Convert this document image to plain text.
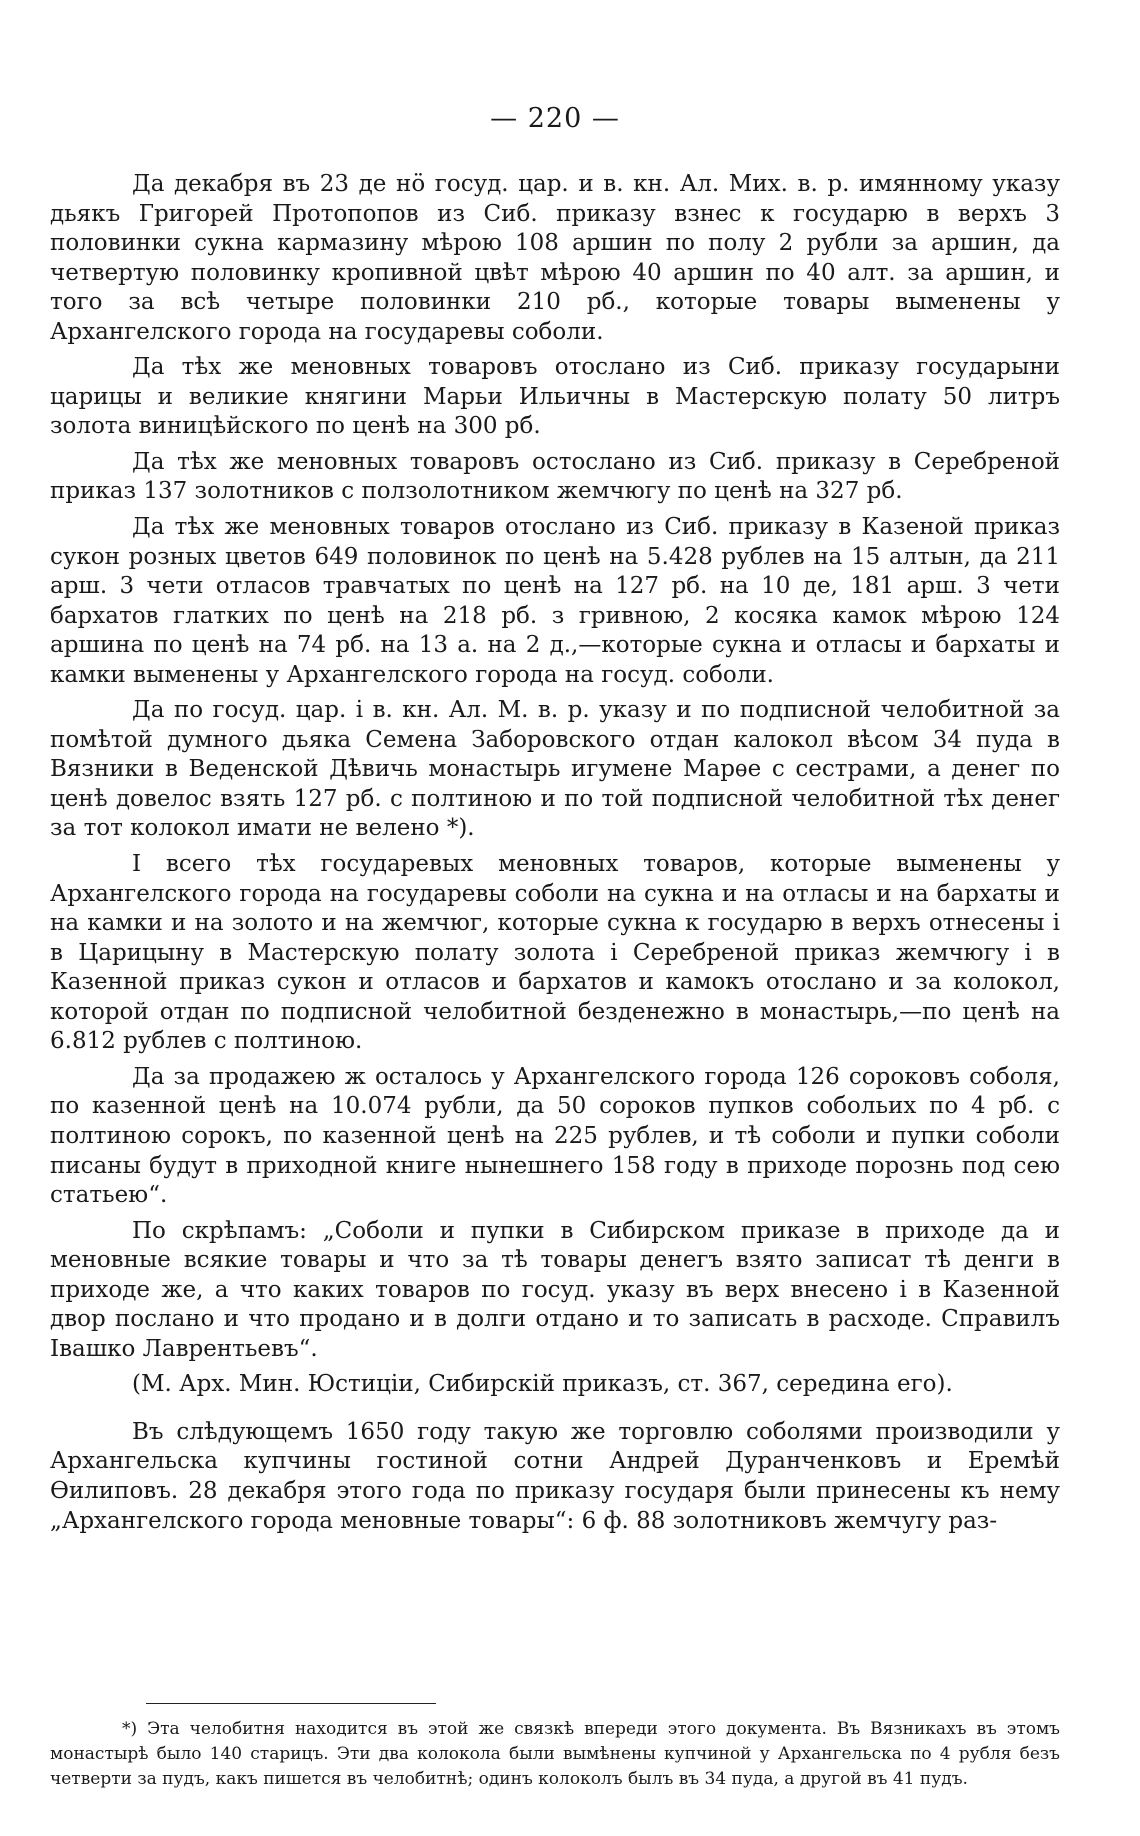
— 220 —

Да декабря въ 23 де нӧ госуд. цар. и в. кн. Ал. Мих. в. р. имянному указу дьякъ Григорей Протопопов из Сиб. приказу взнес к государю в верхъ 3 половинки сукна кармазину мѣрою 108 аршин по полу 2 рубли за аршин, да четвертую половинку кропивной цвѣт мѣрою 40 аршин по 40 алт. за аршин, и того за всѣ четыре половинки 210 рб., которые товары выменены у Архангелского города на государевы соболи.

Да тѣх же меновных товаровъ отослано из Сиб. приказу государыни царицы и великие княгини Марьи Ильичны в Мастерскую полату 50 литръ золота виницѣйского по ценѣ на 300 рб.

Да тѣх же меновных товаровъ остослано из Сиб. приказу в Серебреной приказ 137 золотников с ползолотником жемчюгу по ценѣ на 327 рб.

Да тѣх же меновных товаров отослано из Сиб. приказу в Казеной приказ сукон розных цветов 649 половинок по ценѣ на 5.428 рублев на 15 алтын, да 211 арш. 3 чети отласов травчатых по ценѣ на 127 рб. на 10 де, 181 арш. 3 чети бархатов глатких по ценѣ на 218 рб. з гривною, 2 косяка камок мѣрою 124 аршина по ценѣ на 74 рб. на 13 а. на 2 д.,—которые сукна и отласы и бархаты и камки выменены у Архангелского города на госуд. соболи.

Да по госуд. цар. і в. кн. Ал. М. в. р. указу и по подписной челобитной за помѣтой думного дьяка Семена Заборовского отдан калокол вѣсом 34 пуда в Вязники в Веденской Дѣвичь монастырь игумене Марѳе с сестрами, а денег по ценѣ довелос взять 127 рб. с полтиною и по той подписной челобитной тѣх денег за тот колокол имати не велено *).

І всего тѣх государевых меновных товаров, которые выменены у Архангелского города на государевы соболи на сукна и на отласы и на бархаты и на камки и на золото и на жемчюг, которые сукна к государю в верхъ отнесены і в Царицыну в Мастерскую полату золота і Серебреной приказ жемчюгу і в Казенной приказ сукон и отласов и бархатов и камокъ отослано и за колокол, которой отдан по подписной челобитной безденежно в монастырь,—по ценѣ на 6.812 рублев с полтиною.

Да за продажею ж осталось у Архангелского города 126 сороковъ соболя, по казенной ценѣ на 10.074 рубли, да 50 сороков пупков собольих по 4 рб. с полтиною сорокъ, по казенной ценѣ на 225 рублев, и тѣ соболи и пупки соболи писаны будут в приходной книге нынешнего 158 году в приходе порознь под сею статьею“.

По скрѣпамъ: „Соболи и пупки в Сибирском приказе в приходе да и меновные всякие товары и что за тѣ товары денегъ взято записат тѣ денги в приходе же, а что каких товаров по госуд. указу въ верх внесено і в Казенной двор послано и что продано и в долги отдано и то записать в расходе. Справилъ Івашко Лаврентьевъ“.

(М. Арх. Мин. Юстиціи, Сибирскій приказъ, ст. 367, середина его).

Въ слѣдующемъ 1650 году такую же торговлю соболями производили у Архангельска купчины гостиной сотни Андрей Дуранченковъ и Еремѣй Ѳилиповъ. 28 декабря этого года по приказу государя были принесены къ нему „Архангелского города меновные товары“: 6 ф. 88 золотниковъ жемчугу раз-

*) Эта челобитня находится въ этой же связкѣ впереди этого документа. Въ Вязникахъ въ этомъ монастырѣ было 140 старицъ. Эти два колокола были вымѣнены купчиной у Архангельска по 4 рубля безъ четверти за пудъ, какъ пишется въ челобитнѣ; одинъ колоколъ былъ въ 34 пуда, а другой въ 41 пудъ.
